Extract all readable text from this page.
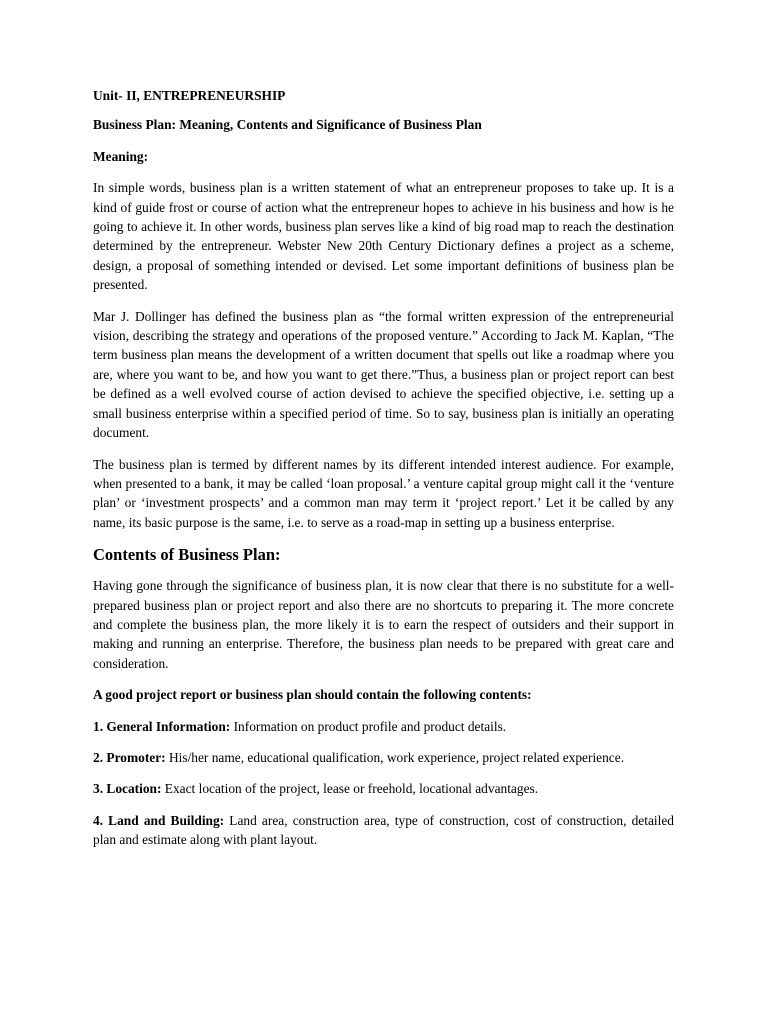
Unit- II, ENTREPRENEURSHIP

Business Plan: Meaning, Contents and Significance of Business Plan

Meaning:

In simple words, business plan is a written statement of what an entrepreneur proposes to take up. It is a kind of guide frost or course of action what the entrepreneur hopes to achieve in his business and how is he going to achieve it. In other words, business plan serves like a kind of big road map to reach the destination determined by the entrepreneur. Webster New 20th Century Dictionary defines a project as a scheme, design, a proposal of something intended or devised. Let some important definitions of business plan be presented.

Mar J. Dollinger has defined the business plan as “the formal written expression of the entrepreneurial vision, describing the strategy and operations of the proposed venture.” According to Jack M. Kaplan, “The term business plan means the development of a written document that spells out like a roadmap where you are, where you want to be, and how you want to get there.”Thus, a business plan or project report can best be defined as a well evolved course of action devised to achieve the specified objective, i.e. setting up a small business enterprise within a specified period of time. So to say, business plan is initially an operating document.

The business plan is termed by different names by its different intended interest audience. For example, when presented to a bank, it may be called ‘loan proposal.’ a venture capital group might call it the ‘venture plan’ or ‘investment prospects’ and a common man may term it ‘project report.’ Let it be called by any name, its basic purpose is the same, i.e. to serve as a road-map in setting up a business enterprise.

Contents of Business Plan:

Having gone through the significance of business plan, it is now clear that there is no substitute for a well-prepared business plan or project report and also there are no shortcuts to preparing it. The more concrete and complete the business plan, the more likely it is to earn the respect of outsiders and their support in making and running an enterprise. Therefore, the business plan needs to be prepared with great care and consideration.

A good project report or business plan should contain the following contents:

1. General Information: Information on product profile and product details.

2. Promoter: His/her name, educational qualification, work experience, project related experience.

3. Location: Exact location of the project, lease or freehold, locational advantages.

4. Land and Building: Land area, construction area, type of construction, cost of construction, detailed plan and estimate along with plant layout.
